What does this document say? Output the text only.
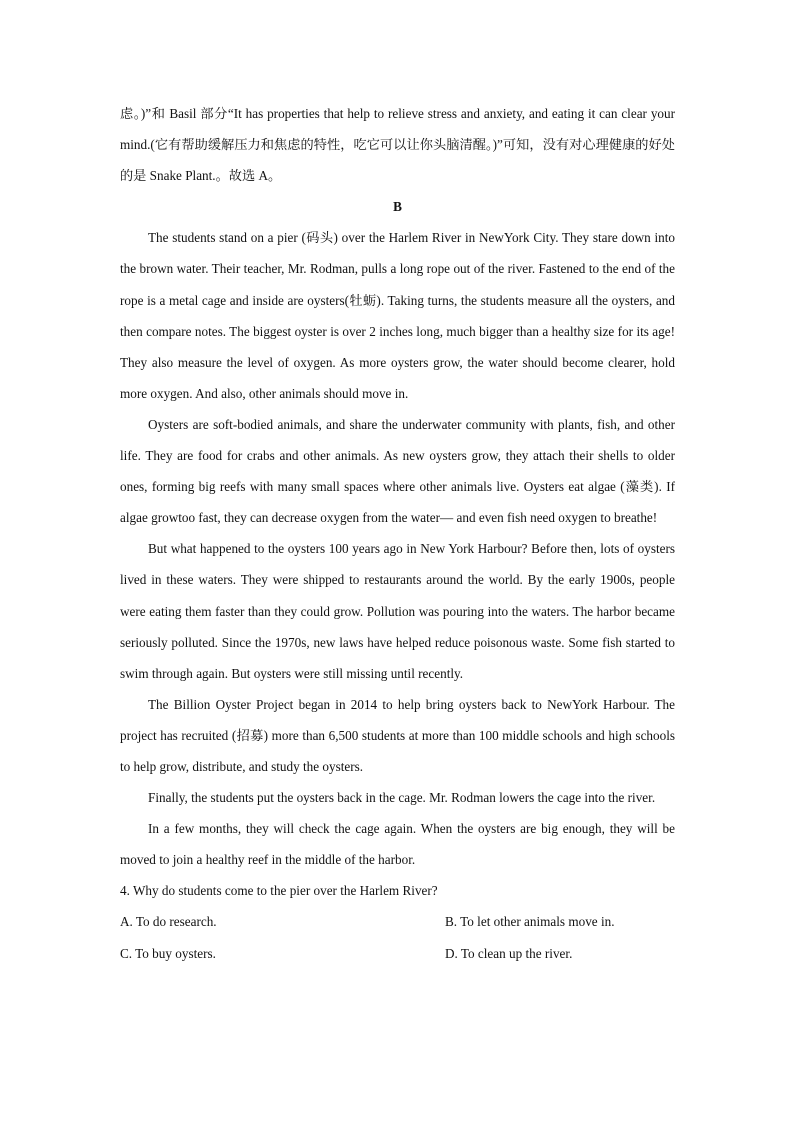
虑。)”和 Basil 部分“It has properties that help to relieve stress and anxiety, and eating it can clear your mind.(它有帮助缓解压力和焦虑的特性，吃它可以让你头脑清醒。)”可知，没有对心理健康的好处的是 Snake Plant.。故选 A。

B

The students stand on a pier (码头) over the Harlem River in NewYork City. They stare down into the brown water. Their teacher, Mr. Rodman, pulls a long rope out of the river. Fastened to the end of the rope is a metal cage and inside are oysters(牡蛎). Taking turns, the students measure all the oysters, and then compare notes. The biggest oyster is over 2 inches long, much bigger than a healthy size for its age! They also measure the level of oxygen. As more oysters grow, the water should become clearer, hold more oxygen. And also, other animals should move in.

Oysters are soft-bodied animals, and share the underwater community with plants, fish, and other life. They are food for crabs and other animals. As new oysters grow, they attach their shells to older ones, forming big reefs with many small spaces where other animals live. Oysters eat algae (藻类). If algae growtoo fast, they can decrease oxygen from the water— and even fish need oxygen to breathe!

But what happened to the oysters 100 years ago in New York Harbour? Before then, lots of oysters lived in these waters. They were shipped to restaurants around the world. By the early 1900s, people were eating them faster than they could grow. Pollution was pouring into the waters. The harbor became seriously polluted. Since the 1970s, new laws have helped reduce poisonous waste. Some fish started to swim through again. But oysters were still missing until recently.

The Billion Oyster Project began in 2014 to help bring oysters back to NewYork Harbour. The project has recruited (招募) more than 6,500 students at more than 100 middle schools and high schools to help grow, distribute, and study the oysters.

Finally, the students put the oysters back in the cage. Mr. Rodman lowers the cage into the river.

In a few months, they will check the cage again. When the oysters are big enough, they will be moved to join a healthy reef in the middle of the harbor.

4. Why do students come to the pier over the Harlem River?

A. To do research.	B. To let other animals move in.
C. To buy oysters.	D. To clean up the river.
